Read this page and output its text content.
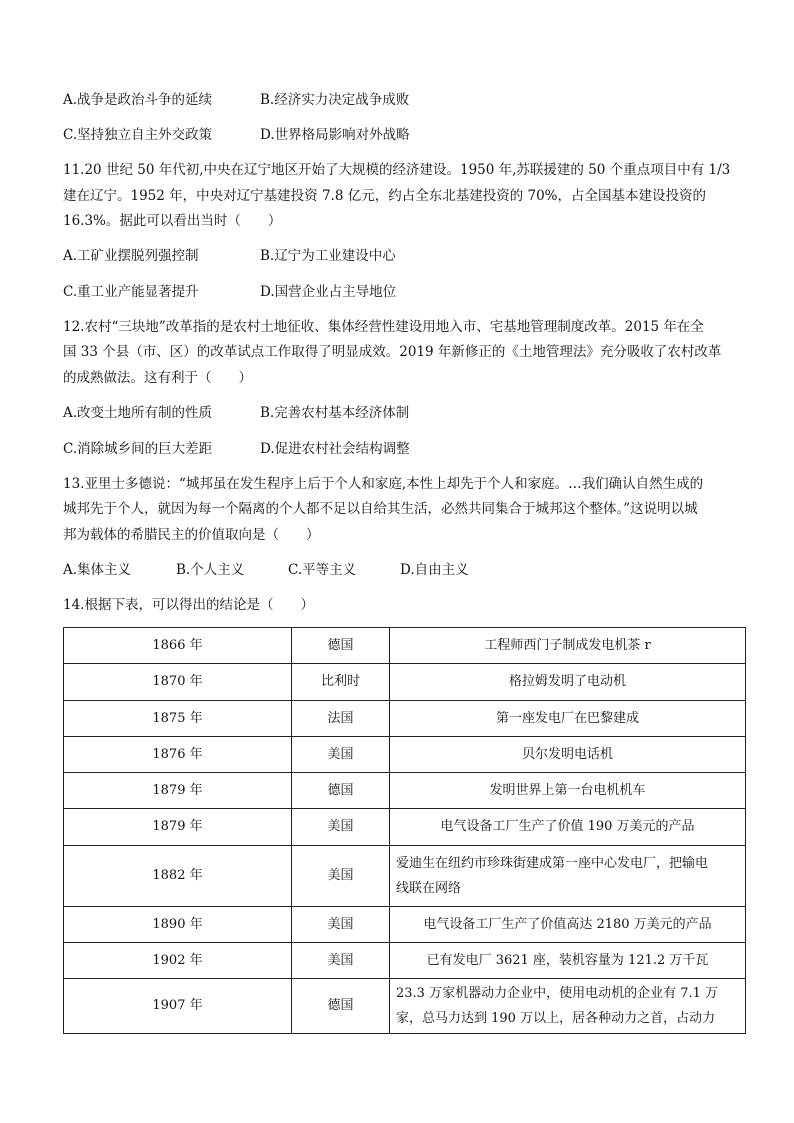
A.战争是政治斗争的延续	B.经济实力决定战争成败
C.坚持独立自主外交政策	D.世界格局影响对外战略
11.20 世纪 50 年代初,中央在辽宁地区开始了大规模的经济建设。1950 年,苏联援建的 50 个重点项目中有 1/3
建在辽宁。1952 年，中央对辽宁基建投资 7.8 亿元，约占全东北基建投资的 70%，占全国基本建设投资的
16.3%。据此可以看出当时（　　）
A.工矿业摆脱列强控制	B.辽宁为工业建设中心
C.重工业产能显著提升	D.国营企业占主导地位
12.农村“三块地”改革指的是农村土地征收、集体经营性建设用地入市、宅基地管理制度改革。2015 年在全
国 33 个县（市、区）的改革试点工作取得了明显成效。2019 年新修正的《土地管理法》充分吸收了农村改革
的成熟做法。这有利于（　　）
A.改变土地所有制的性质	B.完善农村基本经济体制
C.消除城乡间的巨大差距	D.促进农村社会结构调整
13.亚里士多德说：“城邦虽在发生程序上后于个人和家庭,本性上却先于个人和家庭。…我们确认自然生成的
城邦先于个人，就因为每一个隔离的个人都不足以自给其生活，必然共同集合于城邦这个整体。”这说明以城
邦为载体的希腊民主的价值取向是（　　）
A.集体主义	B.个人主义	C.平等主义	D.自由主义
14.根据下表，可以得出的结论是（　　）
1866 年	德国	工程师西门子制成发电机茶 r
1870 年	比利时	格拉姆发明了电动机
1875 年	法国	第一座发电厂在巴黎建成
1876 年	美国	贝尔发明电话机
1879 年	德国	发明世界上第一台电机机车
1879 年	美国	电气设备工厂生产了价值 190 万美元的产品
1882 年	美国	爱迪生在纽约市珍珠街建成第一座中心发电厂，把输电
线联在网络

1890 年	美国	电气设备工厂生产了价值高达 2180 万美元的产品
1902 年	美国	已有发电厂 3621 座，装机容量为 121.2 万千瓦
1907 年	德国	23.3 万家机器动力企业中，使用电动机的企业有 7.1 万
家，总马力达到 190 万以上，居各种动力之首，占动力
